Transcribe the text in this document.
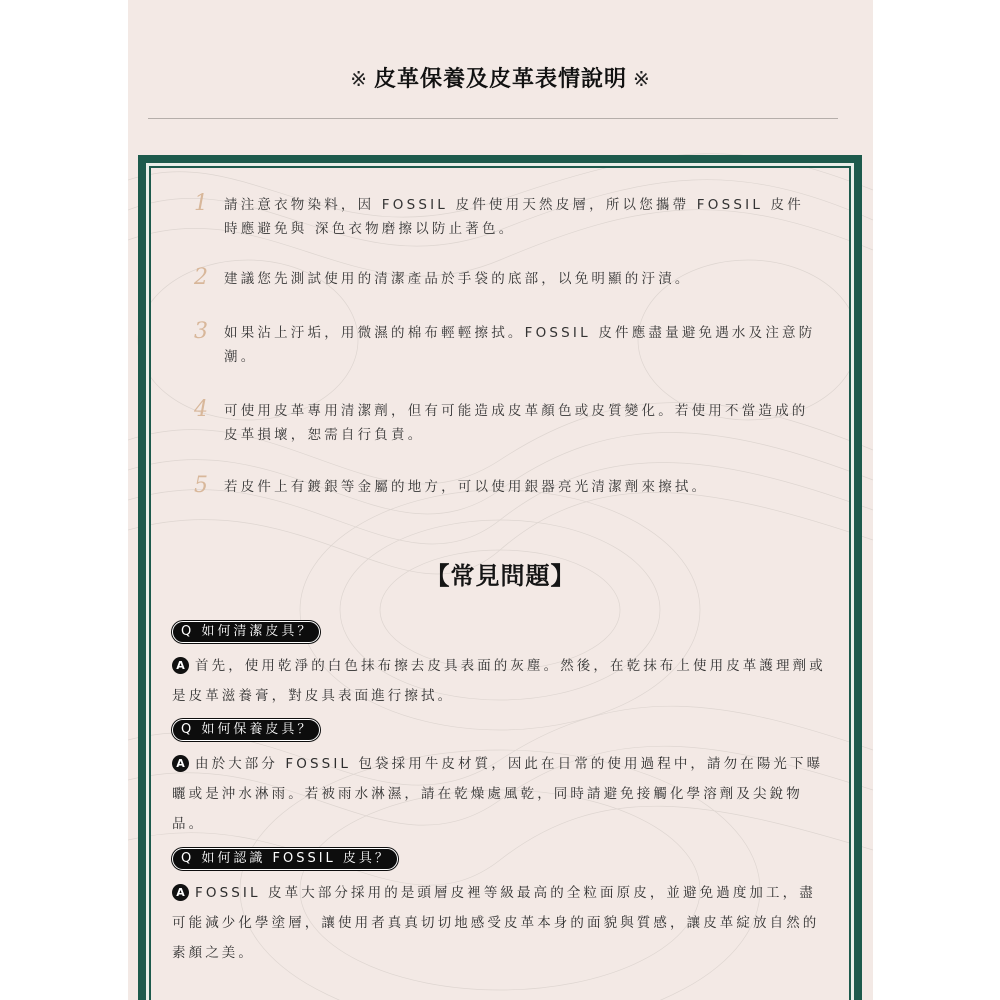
※ 皮革保養及皮革表情說明 ※
1	請注意衣物染料，因 FOSSIL 皮件使用天然皮層，所以您攜帶 FOSSIL 皮件時應避免與 深色衣物磨擦以防止著色。

2	建議您先測試使用的清潔產品於手袋的底部，以免明顯的汙漬。

3	如果沾上汙垢，用微濕的棉布輕輕擦拭。FOSSIL 皮件應盡量避免遇水及注意防潮。

4	可使用皮革專用清潔劑，但有可能造成皮革顏色或皮質變化。若使用不當造成的皮革損壞，恕需自行負責。

5	若皮件上有鍍銀等金屬的地方，可以使用銀器亮光清潔劑來擦拭。

【常見問題】
Q 如何清潔皮具？

A 首先，使用乾淨的白色抹布擦去皮具表面的灰塵。然後，在乾抹布上使用皮革護理劑或是皮革滋養膏，對皮具表面進行擦拭。

Q 如何保養皮具？

A 由於大部分 FOSSIL 包袋採用牛皮材質，因此在日常的使用過程中，請勿在陽光下曝曬或是沖水淋雨。若被雨水淋濕，請在乾燥處風乾，同時請避免接觸化學溶劑及尖銳物品。

Q 如何認識 FOSSIL 皮具？

A FOSSIL 皮革大部分採用的是頭層皮裡等級最高的全粒面原皮，並避免過度加工，盡可能減少化學塗層，讓使用者真真切切地感受皮革本身的面貌與質感，讓皮革綻放自然的素顏之美。
